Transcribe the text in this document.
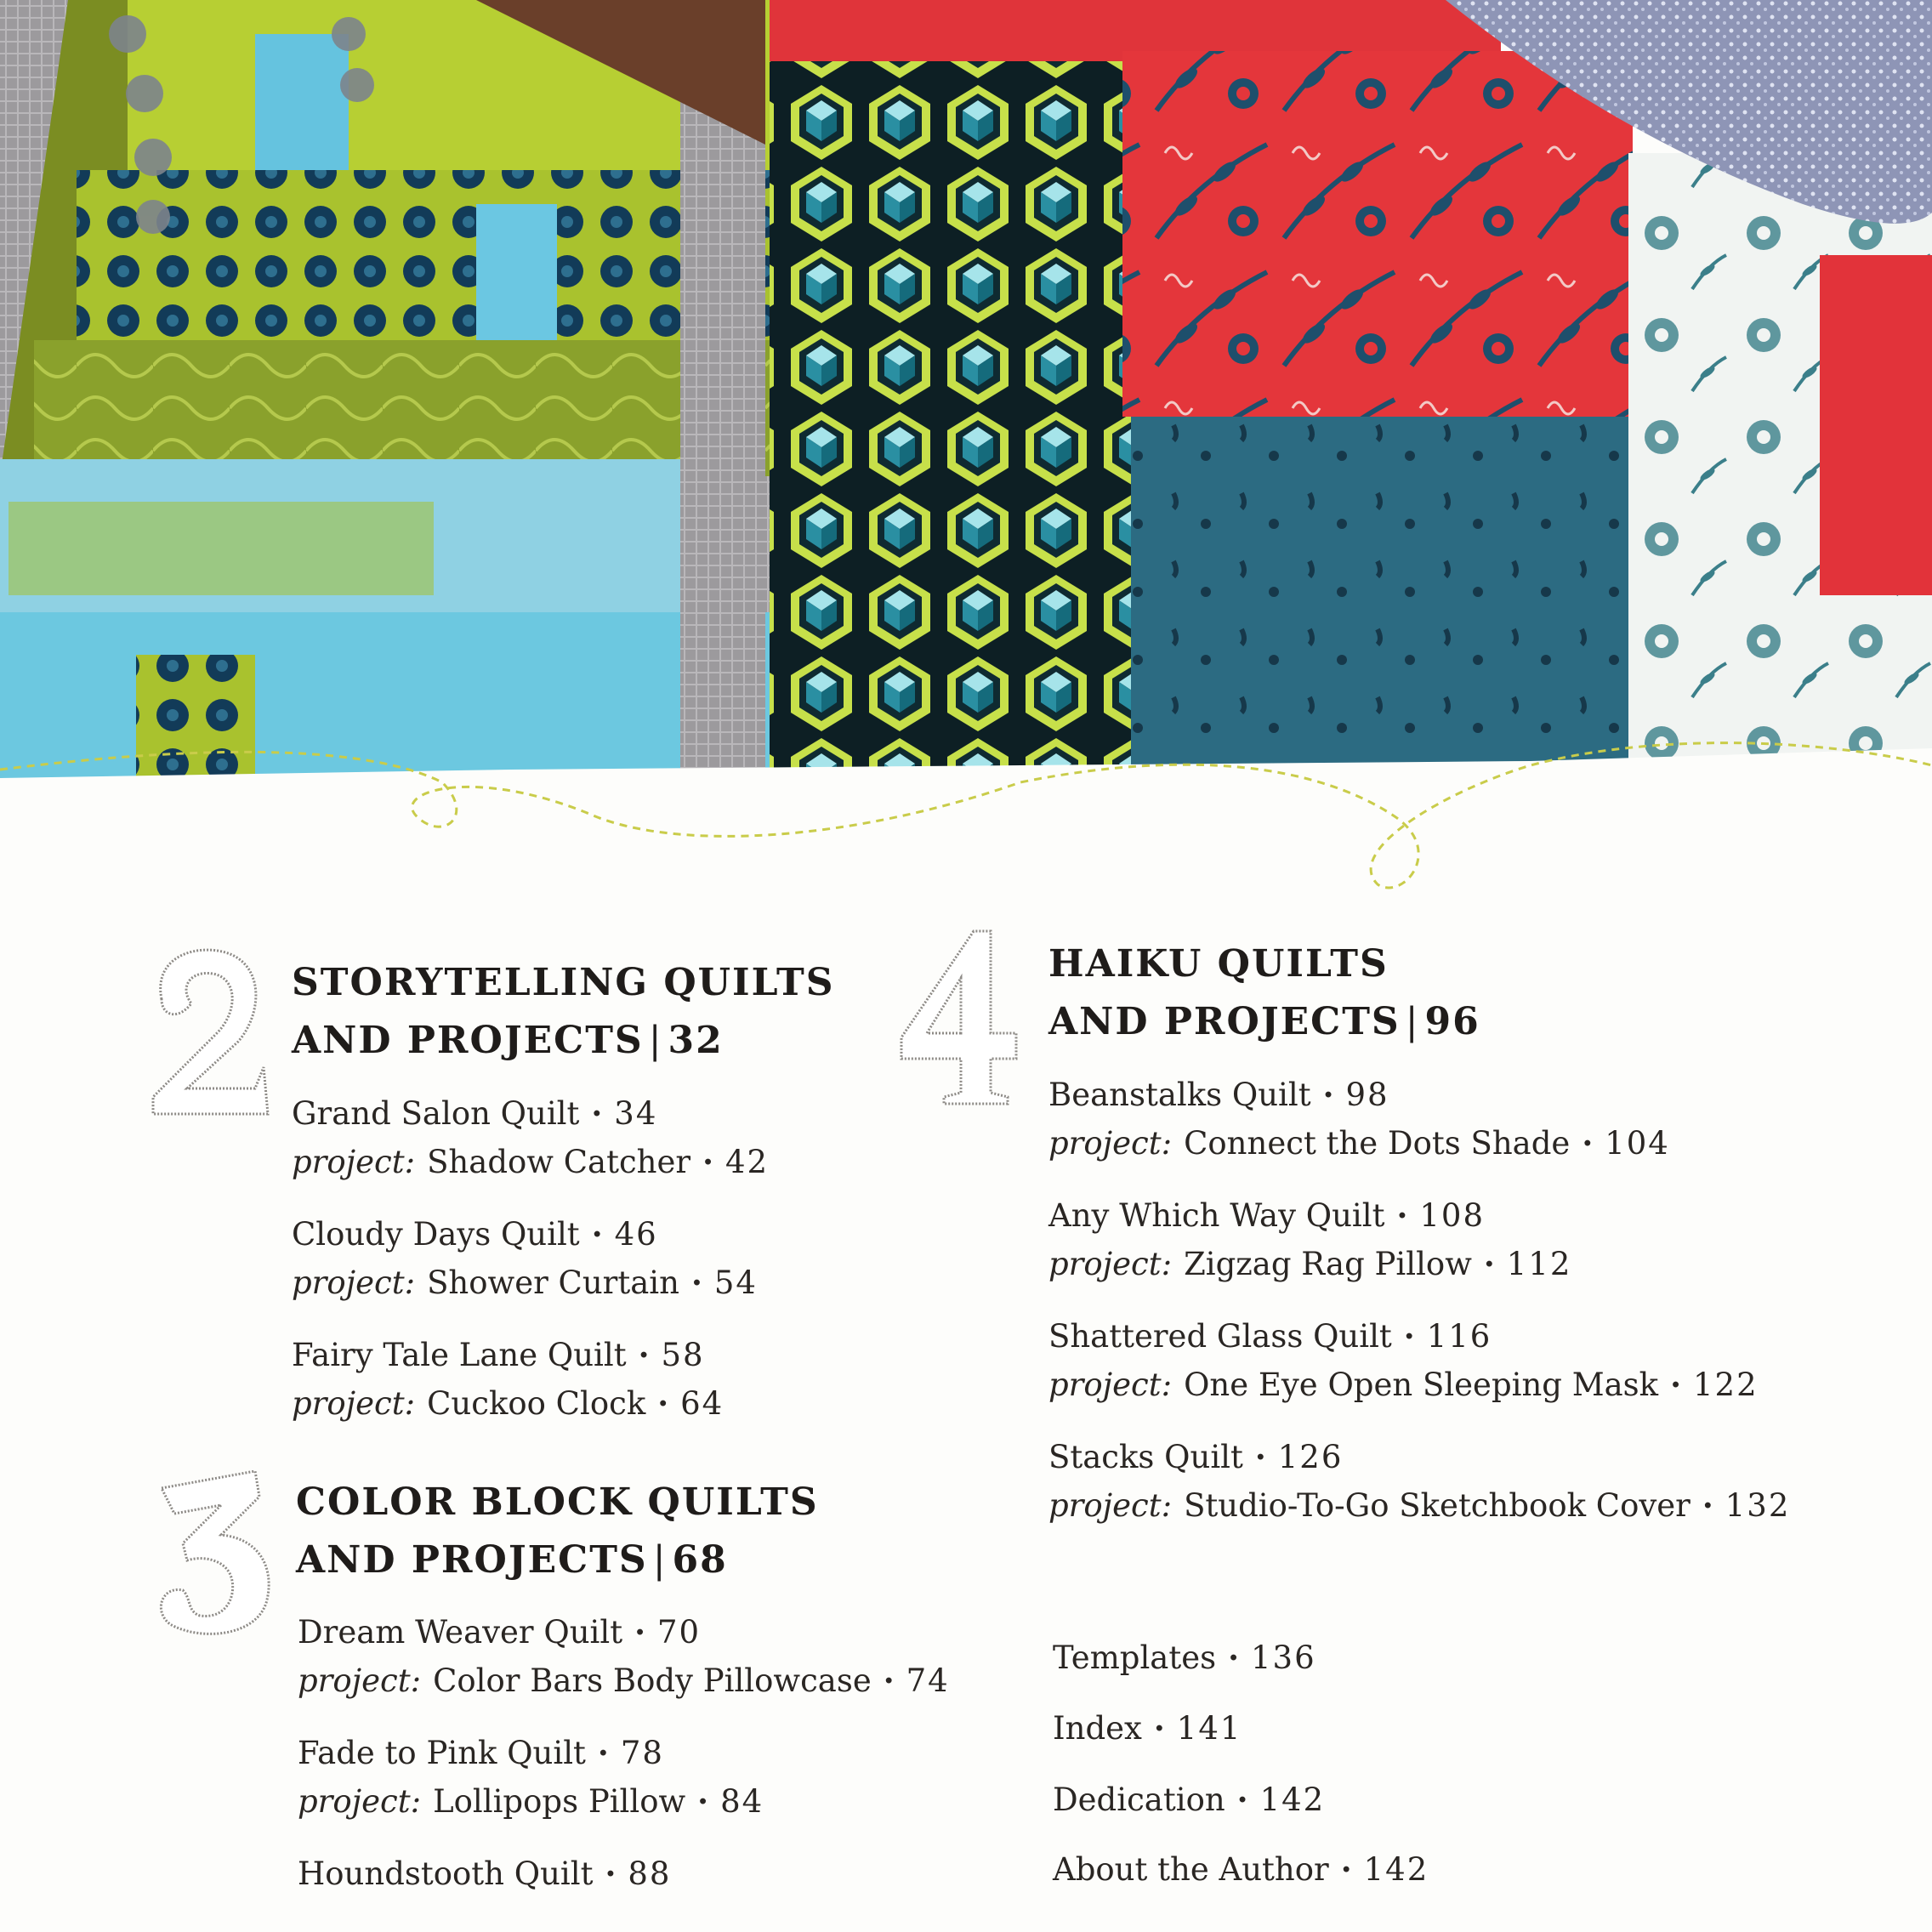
STORYTELLING QUILTS
AND PROJECTS | 32
Grand Salon Quilt · 34
project: Shadow Catcher · 42
Cloudy Days Quilt · 46
project: Shower Curtain · 54
Fairy Tale Lane Quilt · 58
project: Cuckoo Clock · 64
COLOR BLOCK QUILTS
AND PROJECTS | 68
Dream Weaver Quilt · 70
project: Color Bars Body Pillowcase · 74
Fade to Pink Quilt · 78
project: Lollipops Pillow · 84
Houndstooth Quilt · 88
HAIKU QUILTS
AND PROJECTS | 96
Beanstalks Quilt · 98
project: Connect the Dots Shade · 104
Any Which Way Quilt · 108
project: Zigzag Rag Pillow · 112
Shattered Glass Quilt · 116
project: One Eye Open Sleeping Mask · 122
Stacks Quilt · 126
project: Studio-To-Go Sketchbook Cover · 132
Templates · 136
Index · 141
Dedication · 142
About the Author · 142
